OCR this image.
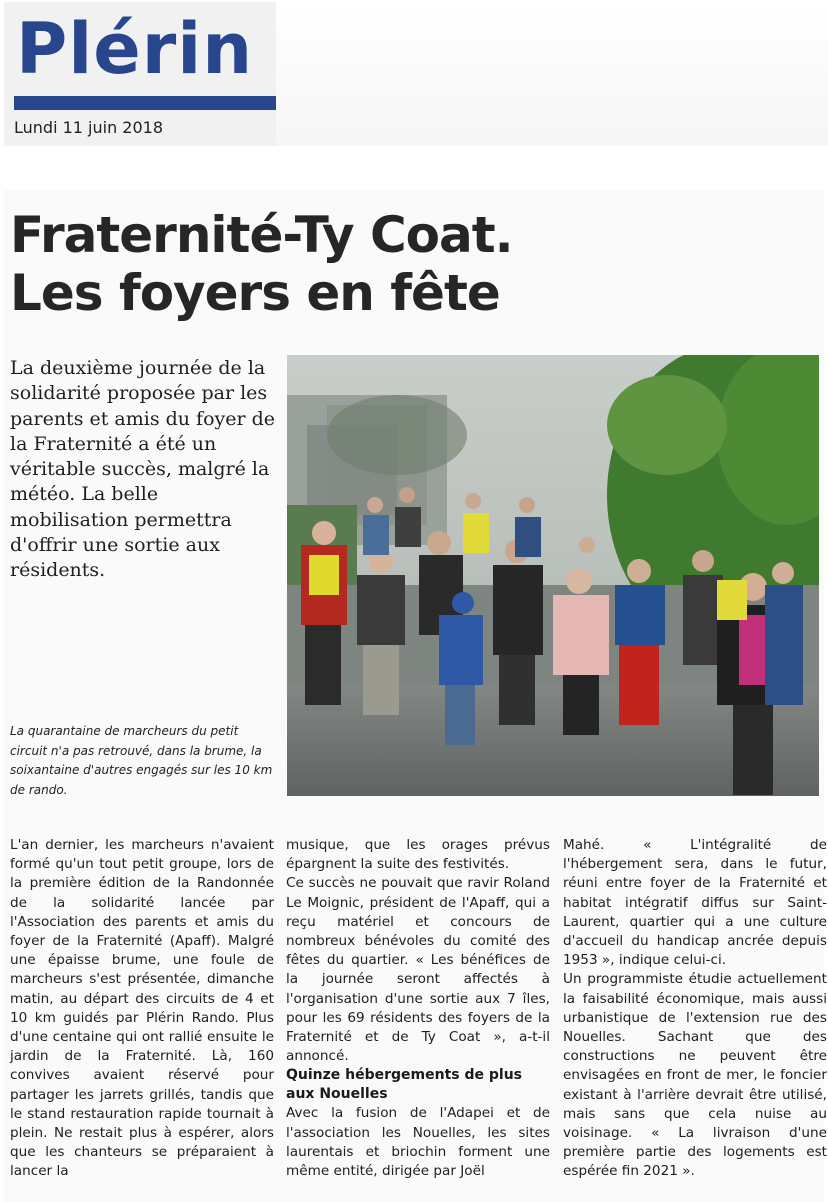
Plérin
Lundi 11 juin 2018
Fraternité-Ty Coat.
Les foyers en fête

La deuxième journée de la solidarité proposée par les parents et amis du foyer de la Fraternité a été un véritable succès, malgré la météo. La belle mobilisation permettra d'offrir une sortie aux résidents.

La quarantaine de marcheurs du petit circuit n'a pas retrouvé, dans la brume, la soixantaine d'autres engagés sur les 10 km de rando.

L'an dernier, les marcheurs n'avaient formé qu'un tout petit groupe, lors de la première édition de la Randonnée de la solidarité lancée par l'Association des parents et amis du foyer de la Fraternité (Apaff). Malgré une épaisse brume, une foule de marcheurs s'est présentée, dimanche matin, au départ des circuits de 4 et 10 km guidés par Plérin Rando. Plus d'une centaine qui ont rallié ensuite le jardin de la Fraternité. Là, 160 convives avaient réservé pour partager les jarrets grillés, tandis que le stand restauration rapide tournait à plein. Ne restait plus à espérer, alors que les chanteurs se préparaient à lancer la

musique, que les orages prévus épargnent la suite des festivités.

Ce succès ne pouvait que ravir Roland Le Moignic, président de l'Apaff, qui a reçu matériel et concours de nombreux bénévoles du comité des fêtes du quartier. « Les bénéfices de la journée seront affectés à l'organisation d'une sortie aux 7 îles, pour les 69 résidents des foyers de la Fraternité et de Ty Coat », a-t-il annoncé.

Quinze hébergements de plus aux Nouelles

Avec la fusion de l'Adapei et de l'association les Nouelles, les sites laurentais et briochin forment une même entité, dirigée par Joël

Mahé. « L'intégralité de l'hébergement sera, dans le futur, réuni entre foyer de la Fraternité et habitat intégratif diffus sur Saint-Laurent, quartier qui a une culture d'accueil du handicap ancrée depuis 1953 », indique celui-ci.

Un programmiste étudie actuellement la faisabilité économique, mais aussi urbanistique de l'extension rue des Nouelles. Sachant que des constructions ne peuvent être envisagées en front de mer, le foncier existant à l'arrière devrait être utilisé, mais sans que cela nuise au voisinage. « La livraison d'une première partie des logements est espérée fin 2021 ».
